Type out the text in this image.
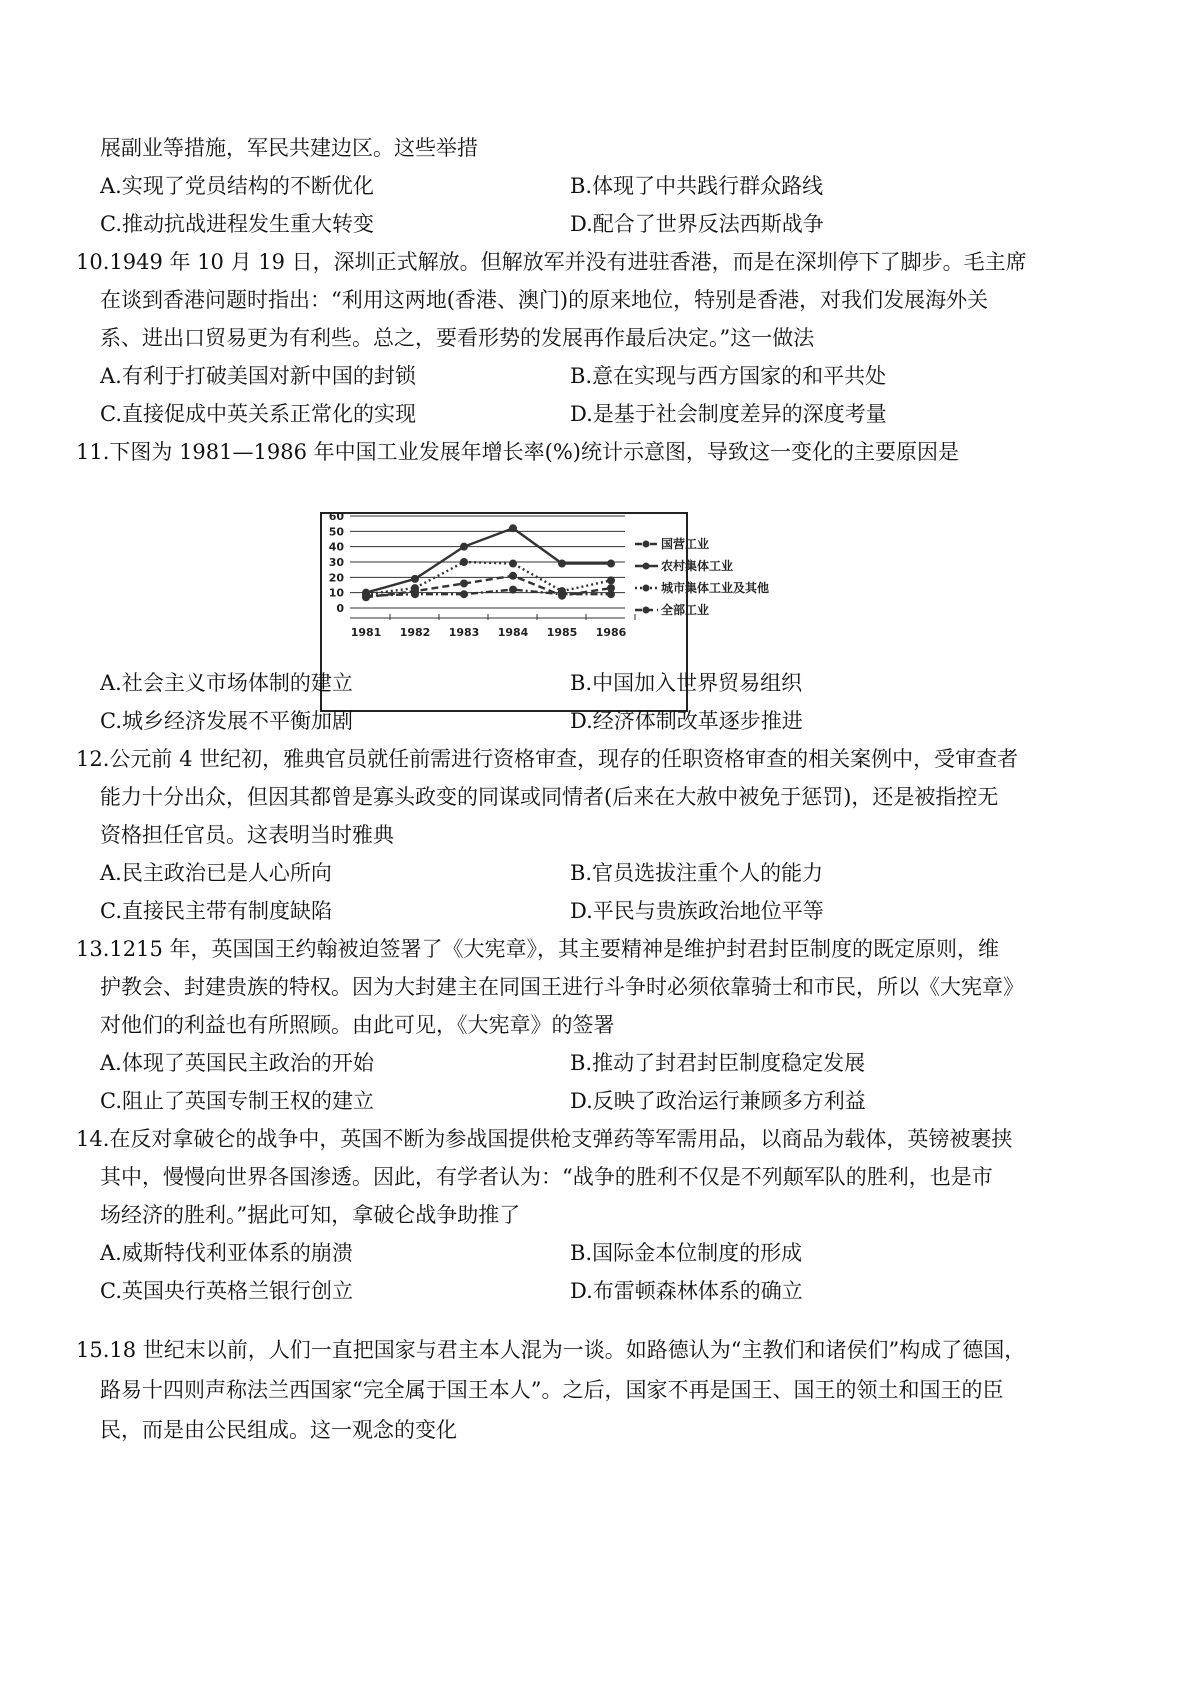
展副业等措施，军民共建边区。这些举措
A.实现了党员结构的不断优化	B.体现了中共践行群众路线
C.推动抗战进程发生重大转变	D.配合了世界反法西斯战争
10.1949 年 10 月 19 日，深圳正式解放。但解放军并没有进驻香港，而是在深圳停下了脚步。毛主席
在谈到香港问题时指出：“利用这两地(香港、澳门)的原来地位，特别是香港，对我们发展海外关
系、进出口贸易更为有利些。总之，要看形势的发展再作最后决定。”这一做法
A.有利于打破美国对新中国的封锁	B.意在实现与西方国家的和平共处
C.直接促成中英关系正常化的实现	D.是基于社会制度差异的深度考量
11.下图为 1981—1986 年中国工业发展年增长率(%)统计示意图，导致这一变化的主要原因是
0
10
20
30
40
50
60
1981 1982 1983 1984 1985 1986
国营工业
农村集体工业
城市集体工业及其他
全部工业
A.社会主义市场体制的建立	B.中国加入世界贸易组织
C.城乡经济发展不平衡加剧	D.经济体制改革逐步推进
12.公元前 4 世纪初，雅典官员就任前需进行资格审查，现存的任职资格审查的相关案例中，受审查者
能力十分出众，但因其都曾是寡头政变的同谋或同情者(后来在大赦中被免于惩罚)，还是被指控无
资格担任官员。这表明当时雅典
A.民主政治已是人心所向	B.官员选拔注重个人的能力
C.直接民主带有制度缺陷	D.平民与贵族政治地位平等
13.1215 年，英国国王约翰被迫签署了《大宪章》，其主要精神是维护封君封臣制度的既定原则，维
护教会、封建贵族的特权。因为大封建主在同国王进行斗争时必须依靠骑士和市民，所以《大宪章》
对他们的利益也有所照顾。由此可见，《大宪章》的签署
A.体现了英国民主政治的开始	B.推动了封君封臣制度稳定发展
C.阻止了英国专制王权的建立	D.反映了政治运行兼顾多方利益
14.在反对拿破仑的战争中，英国不断为参战国提供枪支弹药等军需用品，以商品为载体，英镑被裹挟
其中，慢慢向世界各国渗透。因此，有学者认为：“战争的胜利不仅是不列颠军队的胜利，也是市
场经济的胜利。”据此可知，拿破仑战争助推了
A.威斯特伐利亚体系的崩溃	B.国际金本位制度的形成
C.英国央行英格兰银行创立	D.布雷顿森林体系的确立
15.18 世纪末以前，人们一直把国家与君主本人混为一谈。如路德认为“主教们和诸侯们”构成了德国，
路易十四则声称法兰西国家“完全属于国王本人”。之后，国家不再是国王、国王的领土和国王的臣
民，而是由公民组成。这一观念的变化
